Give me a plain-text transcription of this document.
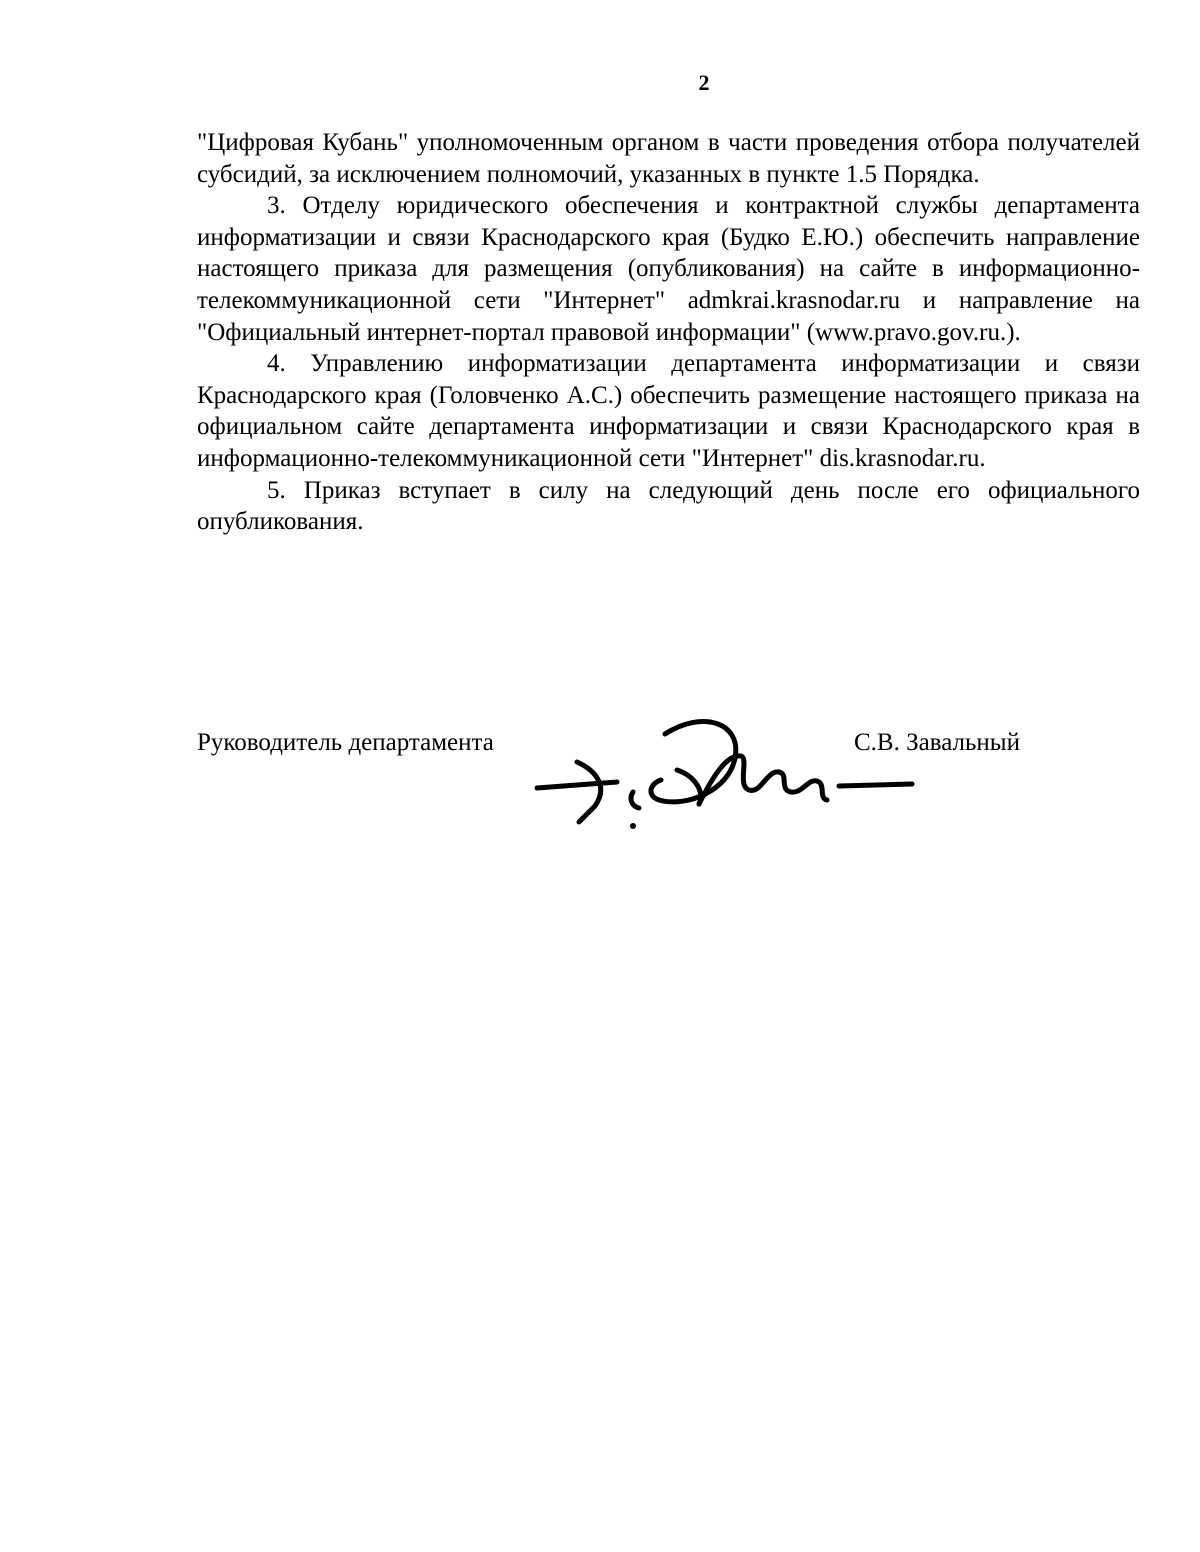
2

"Цифровая Кубань" уполномоченным органом в части проведения отбора получателей субсидий, за исключением полномочий, указанных в пункте 1.5 Порядка.

3. Отделу юридического обеспечения и контрактной службы департамента информатизации и связи Краснодарского края (Будко Е.Ю.) обеспечить направление настоящего приказа для размещения (опубликования) на сайте в информационно-телекоммуникационной сети "Интернет" admkrai.krasnodar.ru и направление на "Официальный интернет-портал правовой информации" (www.pravo.gov.ru.).

4. Управлению информатизации департамента информатизации и связи Краснодарского края (Головченко А.С.) обеспечить размещение настоящего приказа на официальном сайте департамента информатизации и связи Краснодарского края в информационно-телекоммуникационной сети "Интернет" dis.krasnodar.ru.

5. Приказ вступает в силу на следующий день после его официального опубликования.

Руководитель департамента	С.В. Завальный
